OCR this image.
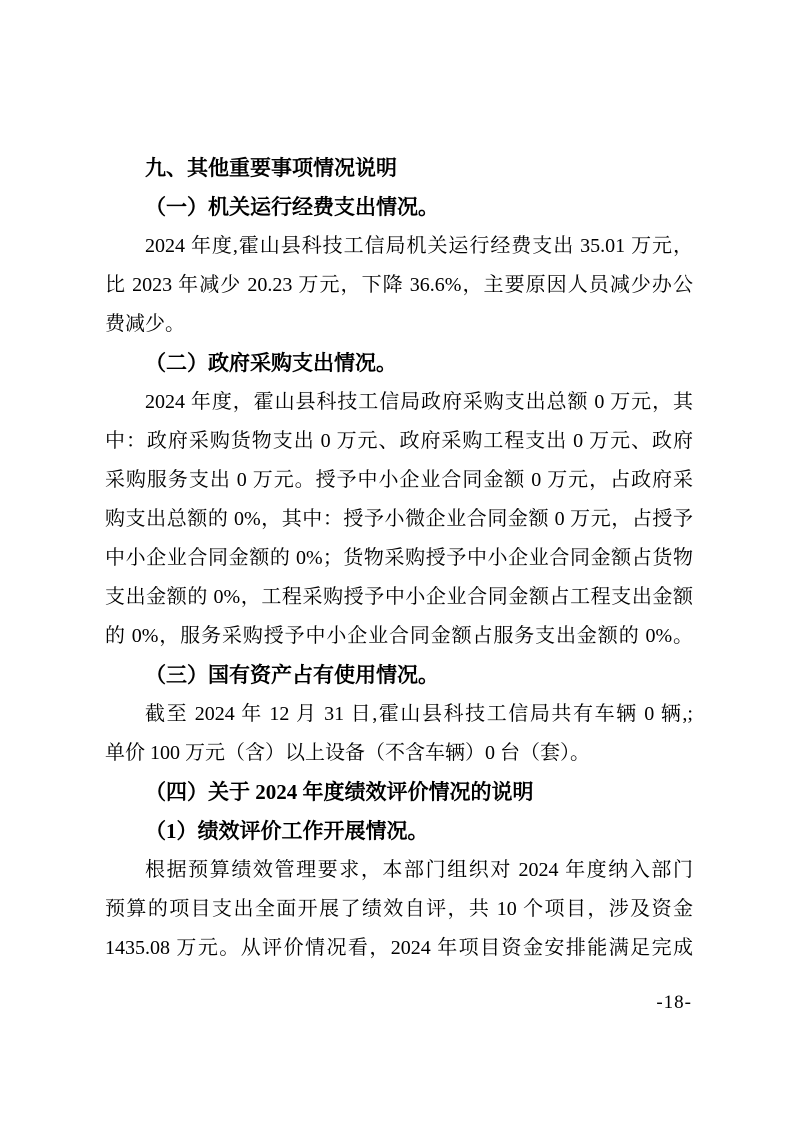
九、其他重要事项情况说明
（一）机关运行经费支出情况。
2024 年度,霍山县科技工信局机关运行经费支出 35.01 万元，
比 2023 年减少 20.23 万元，下降 36.6%，主要原因人员减少办公
费减少。
（二）政府采购支出情况。
2024 年度，霍山县科技工信局政府采购支出总额 0 万元，其
中：政府采购货物支出 0 万元、政府采购工程支出 0 万元、政府
采购服务支出 0 万元。授予中小企业合同金额 0 万元，占政府采
购支出总额的 0%，其中：授予小微企业合同金额 0 万元，占授予
中小企业合同金额的 0%；货物采购授予中小企业合同金额占货物
支出金额的 0%，工程采购授予中小企业合同金额占工程支出金额
的 0%，服务采购授予中小企业合同金额占服务支出金额的 0%。
（三）国有资产占有使用情况。
截至 2024 年 12 月 31 日,霍山县科技工信局共有车辆 0 辆,;
单价 100 万元（含）以上设备（不含车辆）0 台（套）。
（四）关于 2024 年度绩效评价情况的说明
（1）绩效评价工作开展情况。
根据预算绩效管理要求，本部门组织对 2024 年度纳入部门
预算的项目支出全面开展了绩效自评，共 10 个项目，涉及资金
1435.08 万元。从评价情况看，2024 年项目资金安排能满足完成
-18-
